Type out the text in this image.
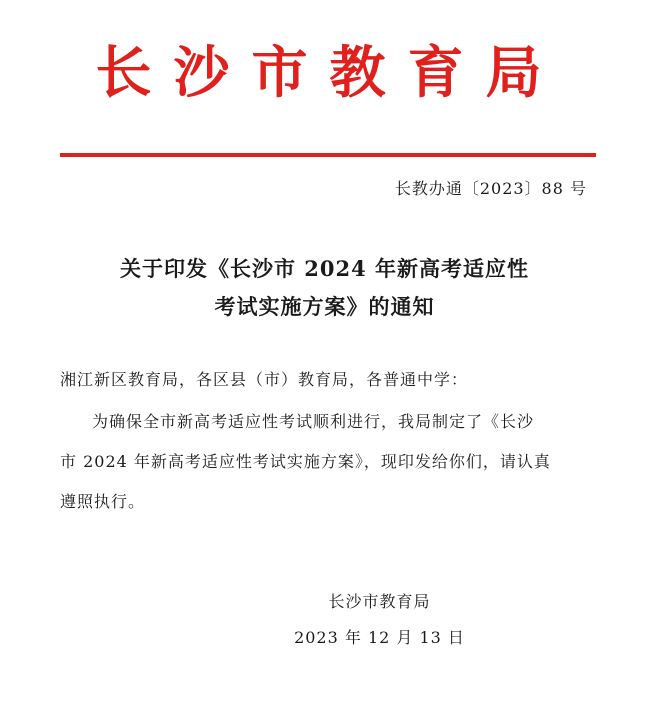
长沙市教育局
长教办通〔2023〕88 号
关于印发《长沙市 2024 年新高考适应性
考试实施方案》的通知
湘江新区教育局，各区县（市）教育局，各普通中学：
为确保全市新高考适应性考试顺利进行，我局制定了《长沙
市 2024 年新高考适应性考试实施方案》，现印发给你们，请认真
遵照执行。
长沙市教育局
2023 年 12 月 13 日
